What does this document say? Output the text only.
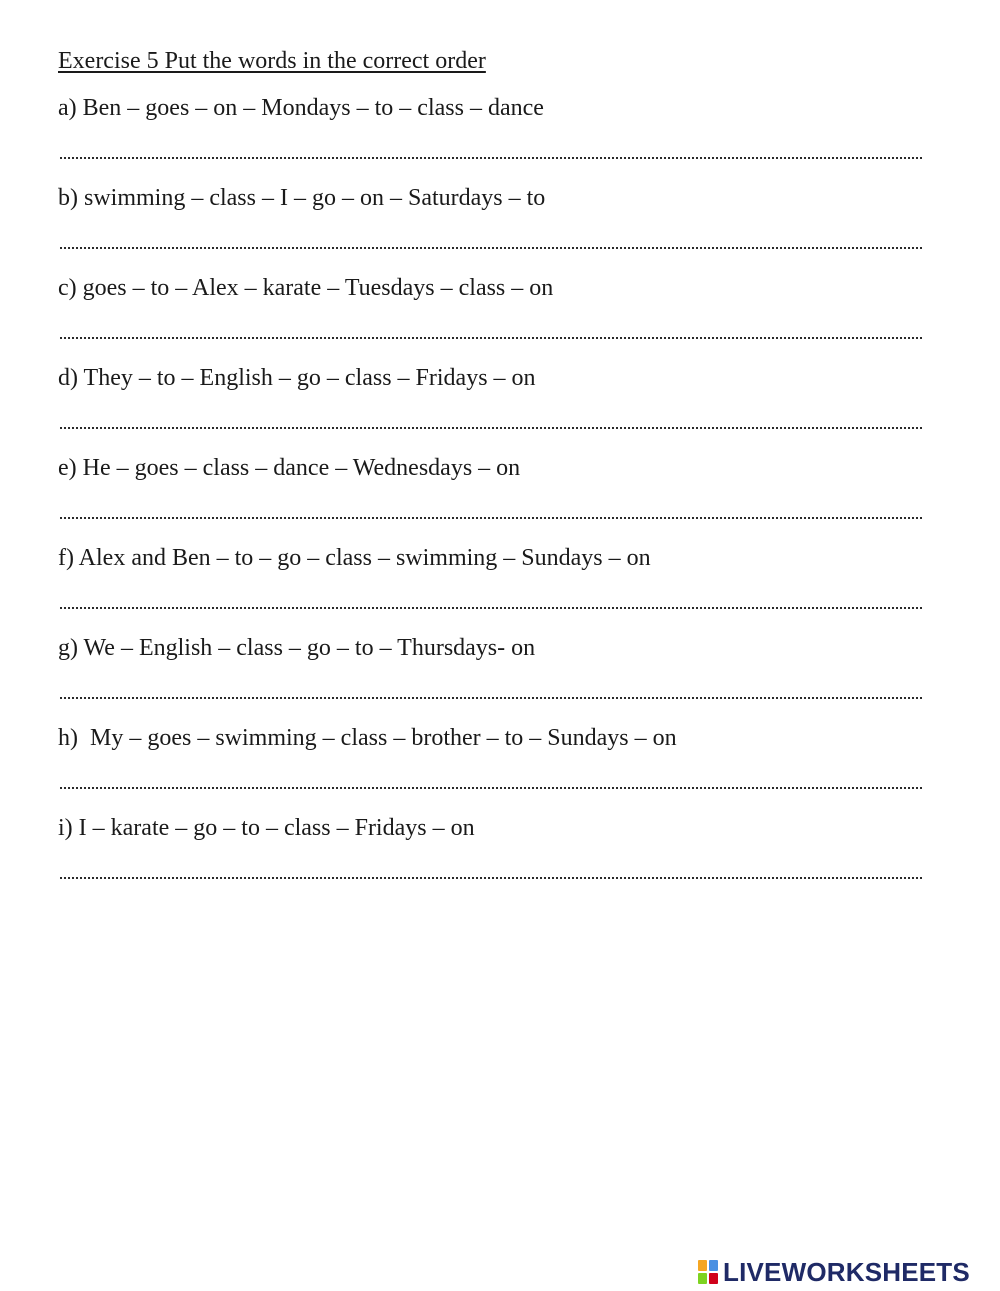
Exercise 5 Put the words in the correct order
a) Ben – goes – on – Mondays – to – class – dance
b) swimming – class – I – go – on – Saturdays – to
c) goes – to – Alex – karate – Tuesdays – class – on
d) They – to – English – go – class – Fridays – on
e) He – goes – class – dance – Wednesdays – on
f) Alex and Ben – to – go – class – swimming – Sundays – on
g) We – English – class – go – to – Thursdays- on
h)  My – goes – swimming – class – brother – to – Sundays – on
i) I – karate – go – to – class – Fridays – on
LIVEWORKSHEETS
